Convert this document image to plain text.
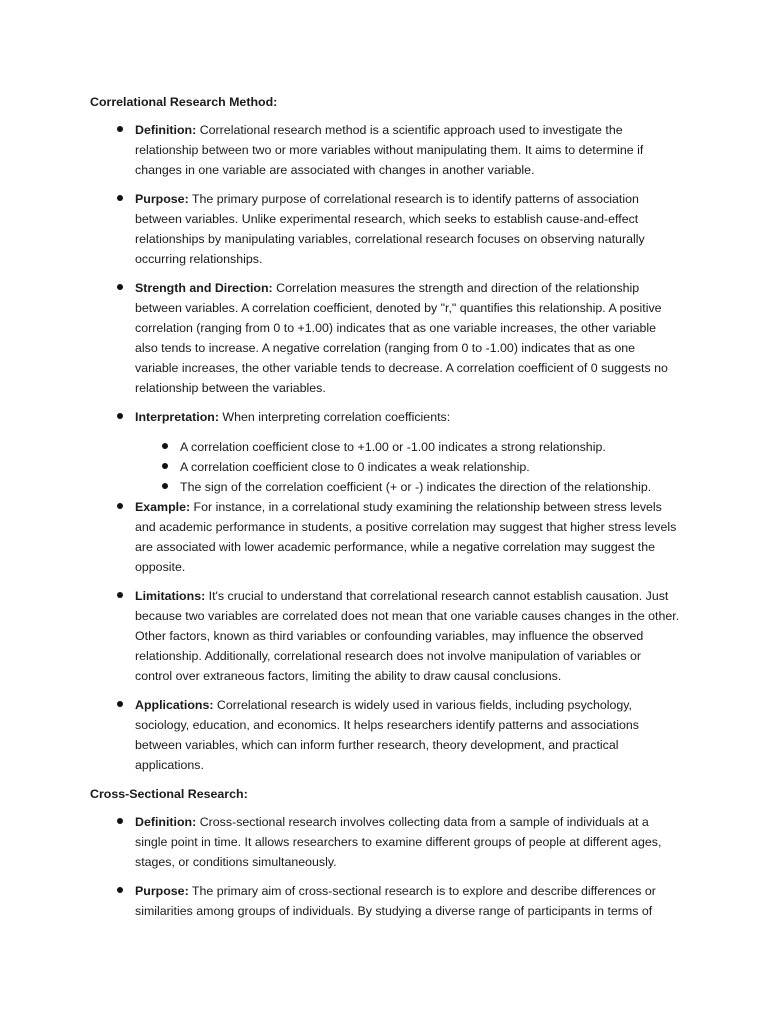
Correlational Research Method:
Definition: Correlational research method is a scientific approach used to investigate the relationship between two or more variables without manipulating them. It aims to determine if changes in one variable are associated with changes in another variable.
Purpose: The primary purpose of correlational research is to identify patterns of association between variables. Unlike experimental research, which seeks to establish cause-and-effect relationships by manipulating variables, correlational research focuses on observing naturally occurring relationships.
Strength and Direction: Correlation measures the strength and direction of the relationship between variables. A correlation coefficient, denoted by "r," quantifies this relationship. A positive correlation (ranging from 0 to +1.00) indicates that as one variable increases, the other variable also tends to increase. A negative correlation (ranging from 0 to -1.00) indicates that as one variable increases, the other variable tends to decrease. A correlation coefficient of 0 suggests no relationship between the variables.
Interpretation: When interpreting correlation coefficients:
A correlation coefficient close to +1.00 or -1.00 indicates a strong relationship.
A correlation coefficient close to 0 indicates a weak relationship.
The sign of the correlation coefficient (+ or -) indicates the direction of the relationship.
Example: For instance, in a correlational study examining the relationship between stress levels and academic performance in students, a positive correlation may suggest that higher stress levels are associated with lower academic performance, while a negative correlation may suggest the opposite.
Limitations: It's crucial to understand that correlational research cannot establish causation. Just because two variables are correlated does not mean that one variable causes changes in the other. Other factors, known as third variables or confounding variables, may influence the observed relationship. Additionally, correlational research does not involve manipulation of variables or control over extraneous factors, limiting the ability to draw causal conclusions.
Applications: Correlational research is widely used in various fields, including psychology, sociology, education, and economics. It helps researchers identify patterns and associations between variables, which can inform further research, theory development, and practical applications.
Cross-Sectional Research:
Definition: Cross-sectional research involves collecting data from a sample of individuals at a single point in time. It allows researchers to examine different groups of people at different ages, stages, or conditions simultaneously.
Purpose: The primary aim of cross-sectional research is to explore and describe differences or similarities among groups of individuals. By studying a diverse range of participants in terms of
